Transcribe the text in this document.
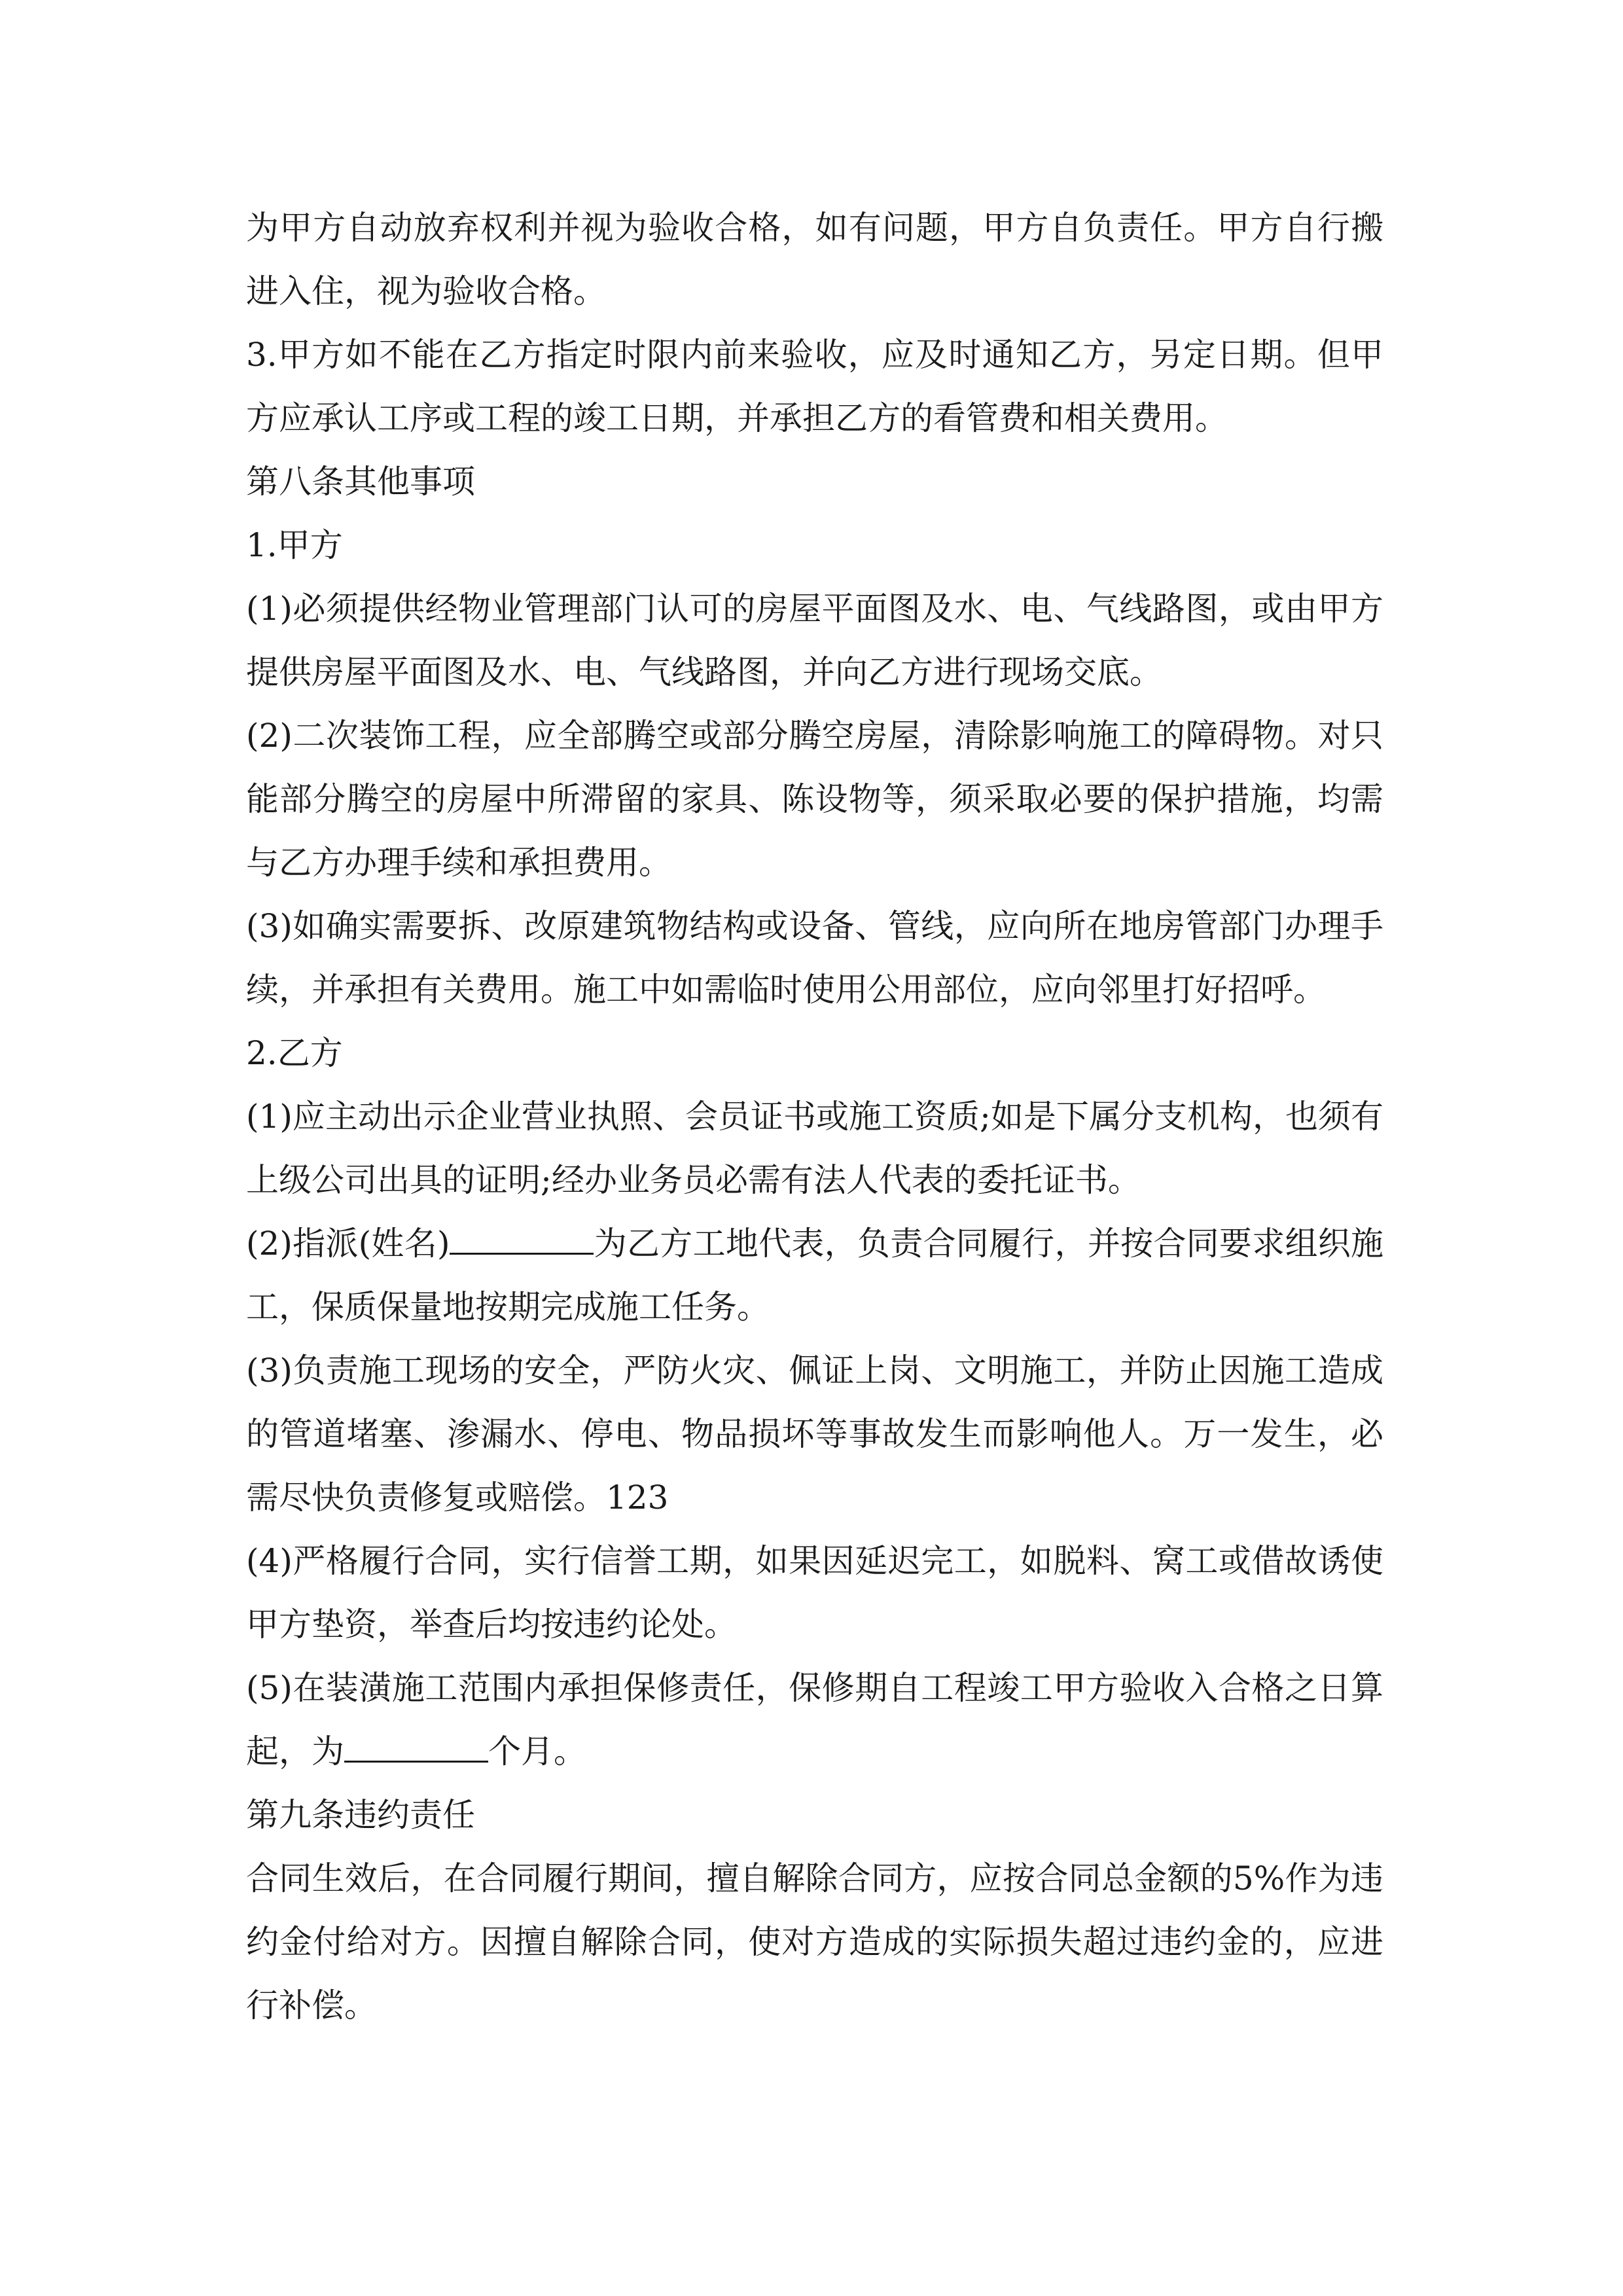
为甲方自动放弃权利并视为验收合格，如有问题，甲方自负责任。甲方自行搬进入住，视为验收合格。

3.甲方如不能在乙方指定时限内前来验收，应及时通知乙方，另定日期。但甲方应承认工序或工程的竣工日期，并承担乙方的看管费和相关费用。

第八条其他事项

1.甲方

(1)必须提供经物业管理部门认可的房屋平面图及水、电、气线路图，或由甲方提供房屋平面图及水、电、气线路图，并向乙方进行现场交底。

(2)二次装饰工程，应全部腾空或部分腾空房屋，清除影响施工的障碍物。对只能部分腾空的房屋中所滞留的家具、陈设物等，须采取必要的保护措施，均需与乙方办理手续和承担费用。

(3)如确实需要拆、改原建筑物结构或设备、管线，应向所在地房管部门办理手续，并承担有关费用。施工中如需临时使用公用部位，应向邻里打好招呼。

2.乙方

(1)应主动出示企业营业执照、会员证书或施工资质;如是下属分支机构，也须有上级公司出具的证明;经办业务员必需有法人代表的委托证书。

(2)指派(姓名)	为乙方工地代表，负责合同履行，并按合同要求组织施工，保质保量地按期完成施工任务。

(3)负责施工现场的安全，严防火灾、佩证上岗、文明施工，并防止因施工造成的管道堵塞、渗漏水、停电、物品损坏等事故发生而影响他人。万一发生，必需尽快负责修复或赔偿。123

(4)严格履行合同，实行信誉工期，如果因延迟完工，如脱料、窝工或借故诱使甲方垫资，举查后均按违约论处。

(5)在装潢施工范围内承担保修责任，保修期自工程竣工甲方验收入合格之日算起，为	个月。

第九条违约责任

合同生效后，在合同履行期间，擅自解除合同方，应按合同总金额的5%作为违约金付给对方。因擅自解除合同，使对方造成的实际损失超过违约金的，应进行补偿。
